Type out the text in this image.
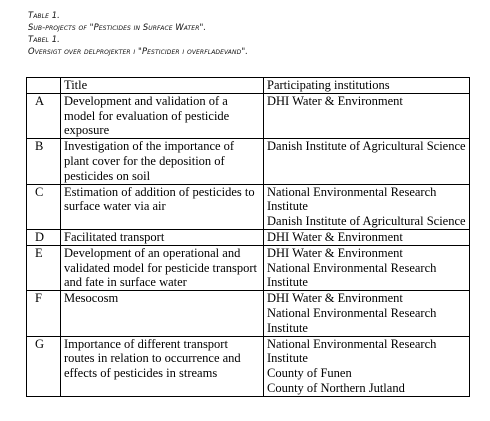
Table 1.
Sub-projects of "Pesticides in Surface Water".
Tabel 1.
Oversigt over delprojekter i "Pesticider i overfladevand".
	Title	Participating institutions
A	Development and validation of a model for evaluation of pesticide exposure	DHI Water & Environment

B	Investigation of the importance of plant cover for the deposition of pesticides on soil	Danish Institute of Agricultural Science

C	Estimation of addition of pesticides to surface water via air	National Environmental Research Institute
Danish Institute of Agricultural Science

D	Facilitated transport	DHI Water & Environment

E	Development of an operational and validated model for pesticide transport and fate in surface water	DHI Water & Environment
National Environmental Research Institute

F	Mesocosm	DHI Water & Environment
National Environmental Research Institute

G	Importance of different transport routes in relation to occurrence and effects of pesticides in streams	National Environmental Research Institute
County of Funen
County of Northern Jutland
